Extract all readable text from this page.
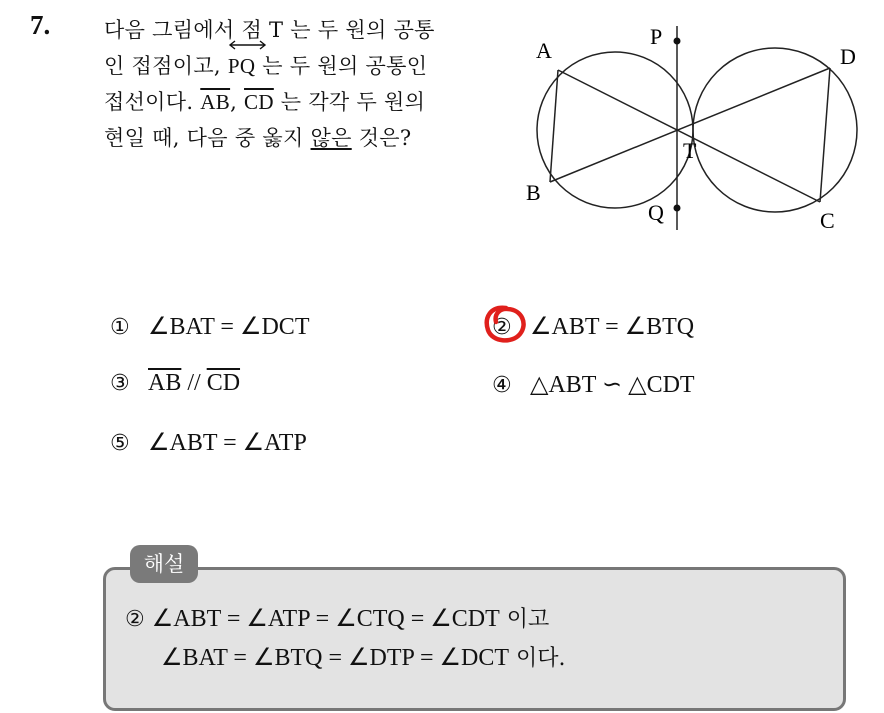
7.	다음 그림에서 점 T 는 두 원의 공통
인 접점이고,
PQ 는 두 원의 공통인
접선이다. $\overline{AB}$, $\overline{CD}$ 는 각각 두 원의
현일 때, 다음 중 옳지 않은 것은?
A
B
C
D
P
Q
T
① ∠BAT = ∠DCT	② ∠ABT = ∠BTQ
③ $\overline{AB} // \overline{CD}$	④ △ABT ∽ △CDT
⑤ ∠ABT = ∠ATP
해설
② ∠ABT = ∠ATP = ∠CTQ = ∠CDT 이고
∠BAT = ∠BTQ = ∠DTP = ∠DCT 이다.
